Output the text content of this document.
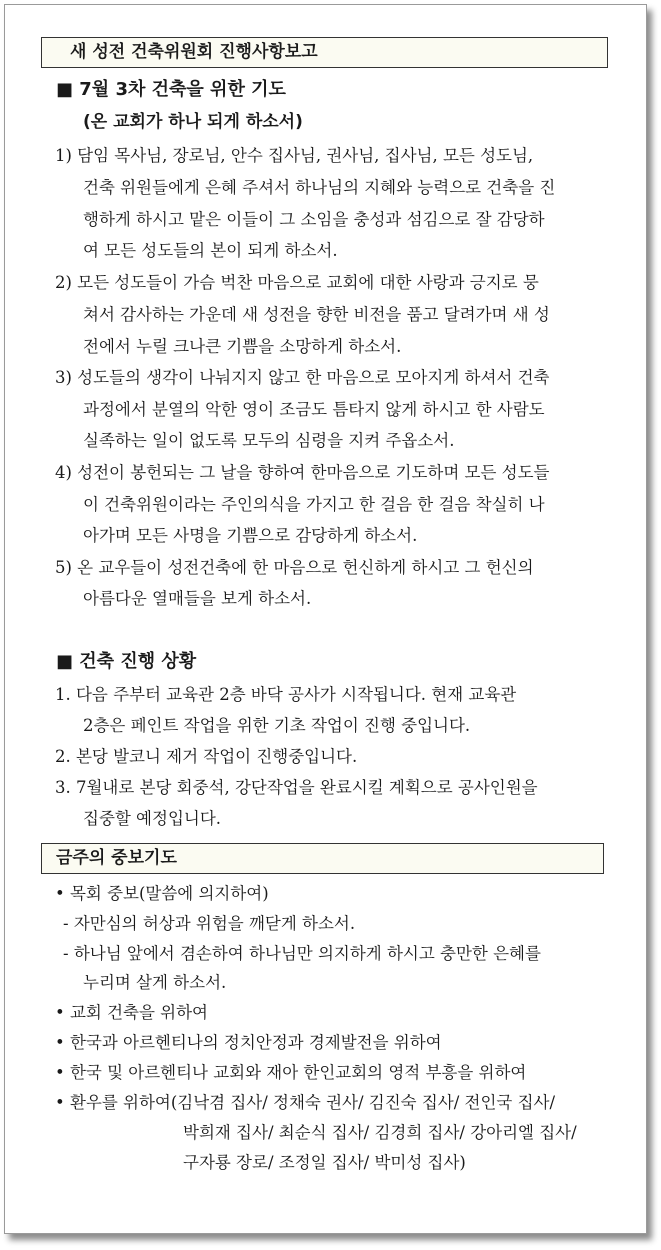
새 성전 건축위원회 진행사항보고
■ 7월 3차 건축을 위한 기도
(온 교회가 하나 되게 하소서)
1) 담임 목사님, 장로님, 안수 집사님, 권사님, 집사님, 모든 성도님,
건축 위원들에게 은혜 주셔서 하나님의 지혜와 능력으로 건축을 진
행하게 하시고 맡은 이들이 그 소임을 충성과 섬김으로 잘 감당하
여 모든 성도들의 본이 되게 하소서.
2) 모든 성도들이 가슴 벅찬 마음으로 교회에 대한 사랑과 긍지로 뭉
쳐서 감사하는 가운데 새 성전을 향한 비전을 품고 달려가며 새 성
전에서 누릴 크나큰 기쁨을 소망하게 하소서.
3) 성도들의 생각이 나눠지지 않고 한 마음으로 모아지게 하셔서 건축
과정에서 분열의 악한 영이 조금도 틈타지 않게 하시고 한 사람도
실족하는 일이 없도록 모두의 심령을 지켜 주옵소서.
4) 성전이 봉헌되는 그 날을 향하여 한마음으로 기도하며 모든 성도들
이 건축위원이라는 주인의식을 가지고 한 걸음 한 걸음 착실히 나
아가며 모든 사명을 기쁨으로 감당하게 하소서.
5) 온 교우들이 성전건축에 한 마음으로 헌신하게 하시고 그 헌신의
아름다운 열매들을 보게 하소서.
■ 건축 진행 상황
1. 다음 주부터 교육관 2층 바닥 공사가 시작됩니다. 현재 교육관
2층은 페인트 작업을 위한 기초 작업이 진행 중입니다.
2. 본당 발코니 제거 작업이 진행중입니다.
3. 7월내로 본당 회중석, 강단작업을 완료시킬 계획으로 공사인원을
집중할 예정입니다.
금주의 중보기도
• 목회 중보(말씀에 의지하여)
- 자만심의 허상과 위험을 깨닫게 하소서.
- 하나님 앞에서 겸손하여 하나님만 의지하게 하시고 충만한 은혜를
누리며 살게 하소서.
• 교회 건축을 위하여
• 한국과 아르헨티나의 정치안정과 경제발전을 위하여
• 한국 및 아르헨티나 교회와 재아 한인교회의 영적 부흥을 위하여
• 환우를 위하여(김낙겸 집사/ 정채숙 권사/ 김진숙 집사/ 전인국 집사/
박희재 집사/ 최순식 집사/ 김경희 집사/ 강아리엘 집사/
구자룡 장로/ 조정일 집사/ 박미성 집사)
